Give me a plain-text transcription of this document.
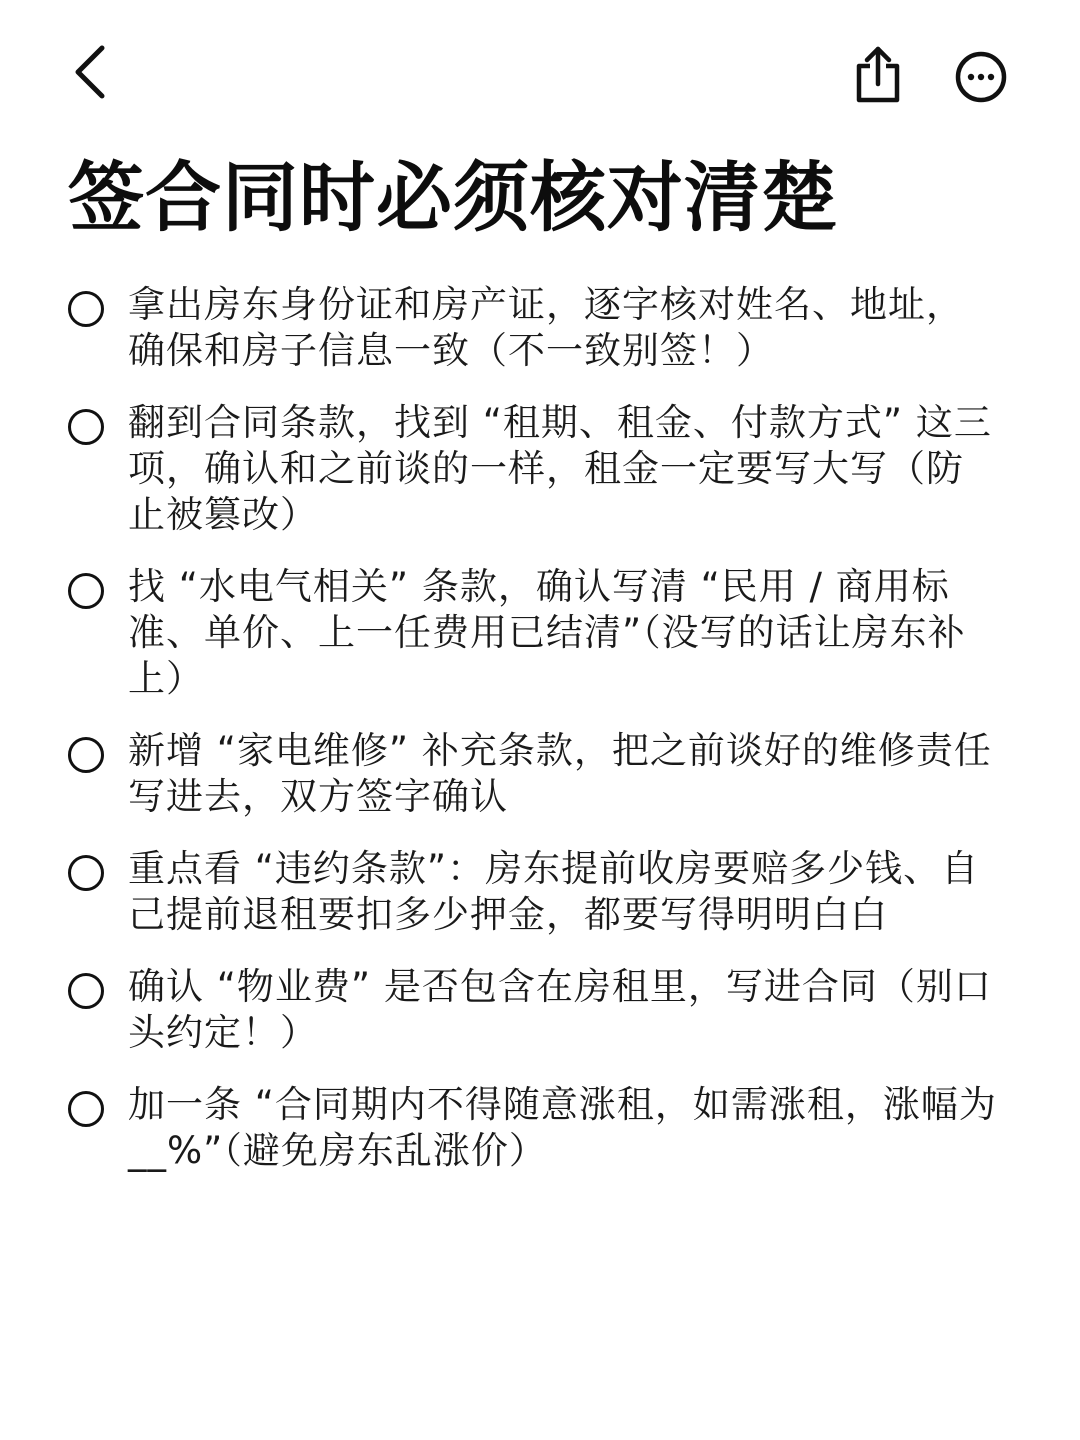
签合同时必须核对清楚
拿出房东身份证和房产证，逐字核对姓名、地址，确保和房子信息一致（不一致别签！）
翻到合同条款，找到 “租期、租金、付款方式” 这三项，确认和之前谈的一样，租金一定要写大写（防止被篡改）
找 “水电气相关” 条款，确认写清 “民用 / 商用标准、单价、上一任费用已结清”（没写的话让房东补上）
新增 “家电维修” 补充条款，把之前谈好的维修责任写进去，双方签字确认
重点看 “违约条款”：房东提前收房要赔多少钱、自己提前退租要扣多少押金，都要写得明明白白
确认 “物业费” 是否包含在房租里，写进合同（别口头约定！）
加一条 “合同期内不得随意涨租，如需涨租，涨幅为__%”（避免房东乱涨价）
